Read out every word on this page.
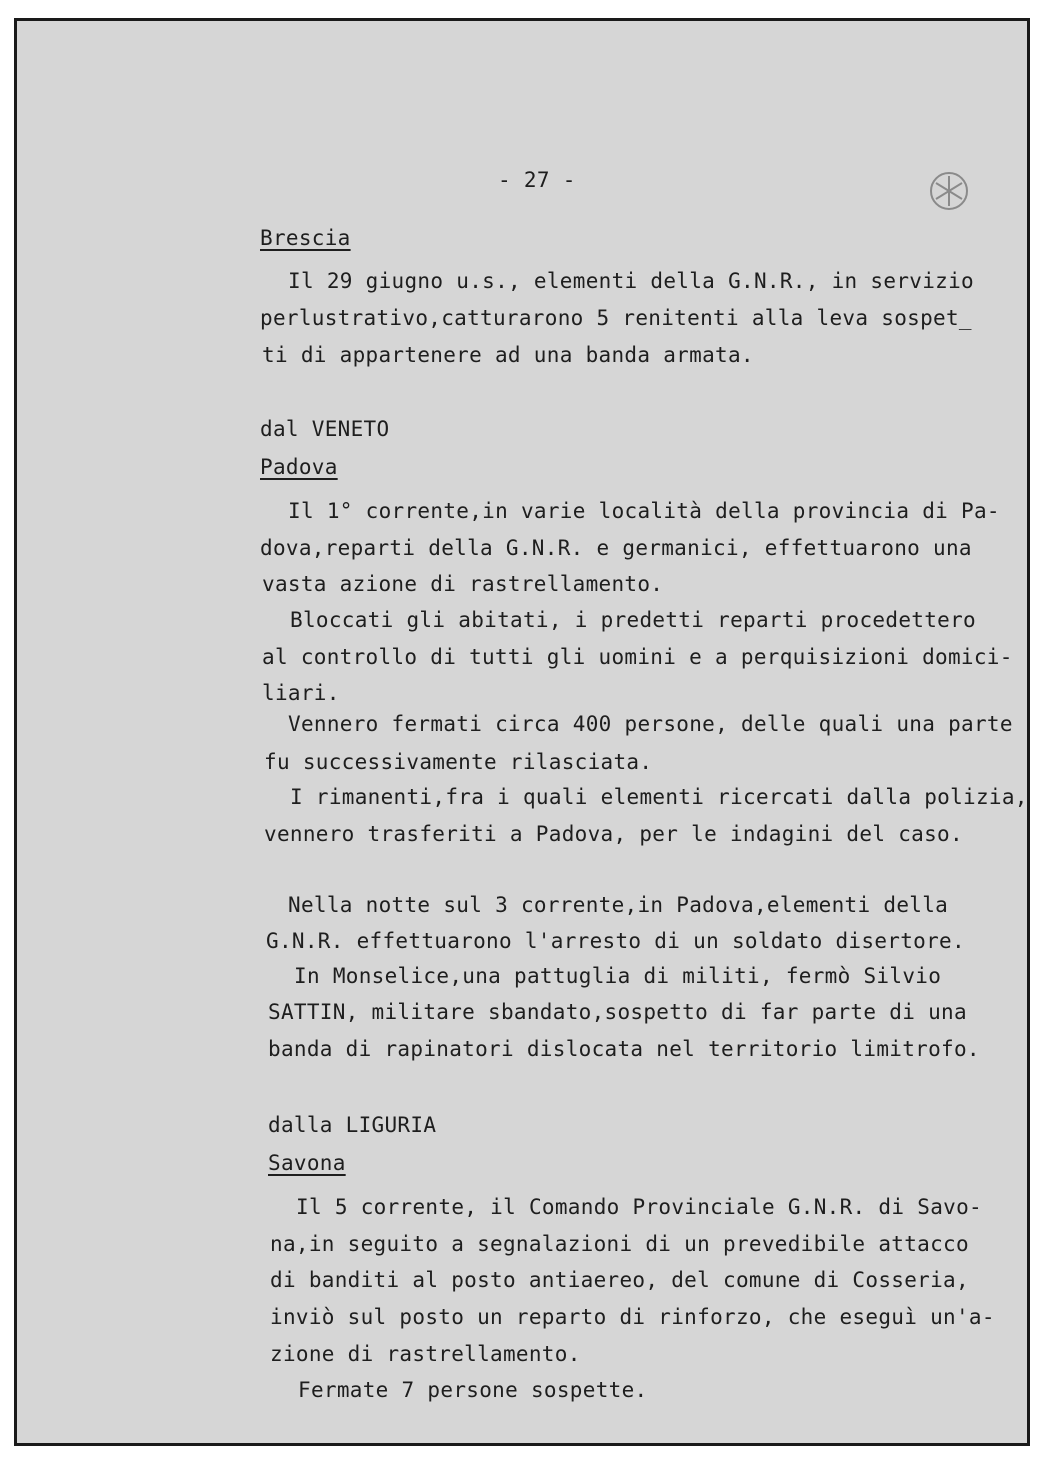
- 27 -
Brescia
Il 29 giugno u.s., elementi della G.N.R., in servizio
perlustrativo,catturarono 5 renitenti alla leva sospet_
ti di appartenere ad una banda armata.
dal VENETO
Padova
Il 1° corrente,in varie località della provincia di Pa-
dova,reparti della G.N.R. e germanici, effettuarono una
vasta azione di rastrellamento.
Bloccati gli abitati, i predetti reparti procedettero
al controllo di tutti gli uomini e a perquisizioni domici-
liari.
Vennero fermati circa 400 persone, delle quali una parte
fu successivamente rilasciata.
I rimanenti,fra i quali elementi ricercati dalla polizia,
vennero trasferiti a Padova, per le indagini del caso.
Nella notte sul 3 corrente,in Padova,elementi della
G.N.R. effettuarono l'arresto di un soldato disertore.
In Monselice,una pattuglia di militi, fermò Silvio
SATTIN, militare sbandato,sospetto di far parte di una
banda di rapinatori dislocata nel territorio limitrofo.
dalla LIGURIA
Savona
Il 5 corrente, il Comando Provinciale G.N.R. di Savo-
na,in seguito a segnalazioni di un prevedibile attacco
di banditi al posto antiaereo, del comune di Cosseria,
inviò sul posto un reparto di rinforzo, che eseguì un'a-
zione di rastrellamento.
Fermate 7 persone sospette.
